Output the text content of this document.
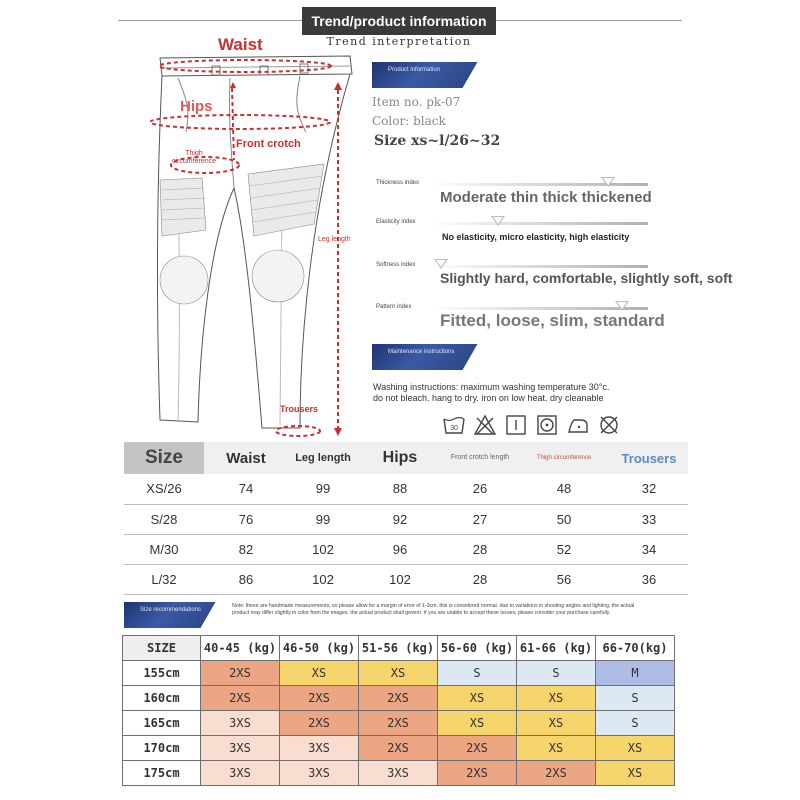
Trend/product information
Trend interpretation
Waist
Hips
Front crotch
Thigh circumference
Leg length
Trousers
Product information
Item no. pk-07
Color: black
Size xs~l/26~32
Thickness index
Moderate thin thick thickened
Elasticity index
No elasticity, micro elasticity, high elasticity
Softness index
Slightly hard, comfortable, slightly soft, soft
Pattern index
Fitted, loose, slim, standard
Maintenance instructions
Washing instructions: maximum washing temperature 30°c.
do not bleach. hang to dry. iron on low heat. dry cleanable
30
Size	Waist	Leg length	Hips	Front crotch length	Thigh circumference	Trousers
XS/26	74	99	88	26	48	32
S/28	76	99	92	27	50	33
M/30	82	102	96	28	52	34
L/32	86	102	102	28	56	36
Size recommendations
Note: these are handmade measurements, so please allow for a margin of error of 1-3cm. this is considered normal. due to variations in shooting angles and lighting, the actual product may differ slightly in color from the images. the actual product shall govern. if you are unable to accept these issues, please consider your purchase carefully.
SIZE	40-45 (kg)	46-50 (kg)	51-56 (kg)	56-60 (kg)	61-66 (kg)	66-70(kg)
155cm	2XS	XS	XS	S	S	M
160cm	2XS	2XS	2XS	XS	XS	S
165cm	3XS	2XS	2XS	XS	XS	S
170cm	3XS	3XS	2XS	2XS	XS	XS
175cm	3XS	3XS	3XS	2XS	2XS	XS
